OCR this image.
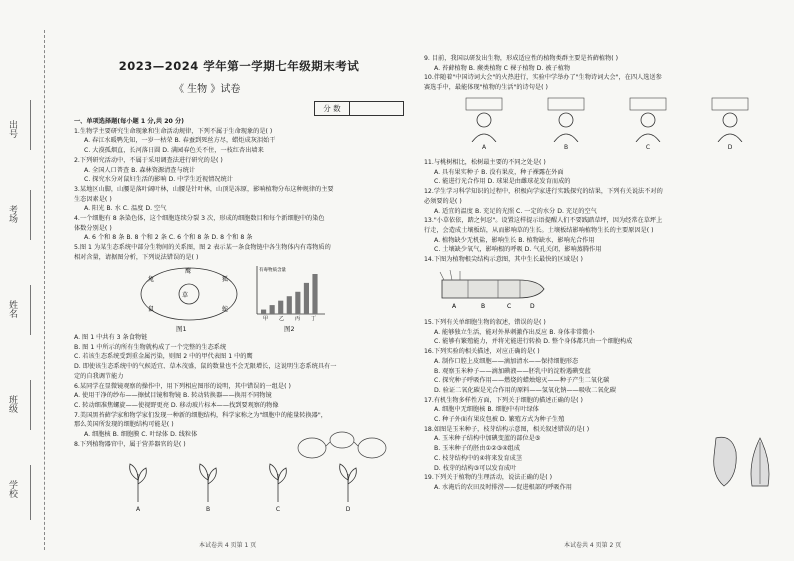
出号
考场
姓名
班级
学校
2023—2024 学年第一学期七年级期末考试
《 生物 》试卷
分 数
一、单项选择题(每小题 1 分,共 20 分)
1.生物学主要研究生命现象和生命活动规律，下列不属于生命现象的是( )
A. 春江水暖鸭先知，一岁一枯荣 B. 春蚕到死丝方尽，蜡炬成灰泪始干
C. 大漠孤烟直，长河落日圆 D. 满园春色关不住，一枝红杏出墙来
2.下列研究活动中，不属于采用调查法进行研究的是( )
A. 全国人口普查 B. 森林资源清查与统计
C. 探究水分对鼠妇生活的影响 D. 中学生近视情况统计
3.某地区山脚，山腰是落叶阔叶林，山腰是针叶林，山顶是冻原，影响植物分布这种规律的主要
生态因素是( )
A. 阳光 B. 水 C. 温度 D. 空气
4.一个细胞有 8 条染色体，这个细胞连续分裂 3 次，形成的细胞数目和每个新细胞中的染色
体数分别是( )
A. 6 个和 8 条 B. 8 个和 2 条 C. 6 个和 8 条 D. 8 个和 8 条
5.图 1 为某生态系统中部分生物间的关系图，图 2 表示某一条食物链中各生物体内有毒物质的
相对含量，请据图分析，下列说法错误的是( )
草
兔
鼠
狐
蛇
鹰
图1
有毒物质含量
甲 乙 丙 丁
图2
A. 图 1 中共有 3 条食物链
B. 图 1 中所示的所有生物就构成了一个完整的生态系统
C. 若该生态系统受到重金属污染，则图 2 中的甲代表图 1 中的鹰
D. 即使该生态系统中的气候适宜、草木茂盛，鼠的数量也不会无限增长，这说明生态系统具有一
定的自我调节能力
6.某同学在显微镜观察的操作中，用下列相应图形的说明，其中错误的一组是( )
A. 使用干净的纱布——擦拭目镜和物镜 B. 转动转换器——换用不同物镜
C. 转动细准焦螺旋——使视野更亮 D. 移动玻片标本——找到要观察的物像
7.美国黑苔藓学家和物学家们发现一种新的细胞结构，科学家称之为"细胞中的能量转换器"，
那么美国所发现的细胞结构可能是( )
A. 细胞核 B. 细胞膜 C. 叶绿体 D. 线粒体
8.下列植物器官中，属于营养器官的是( )
A	B	C	D
本试卷共 4 页第 1 页
9. 目前，我国以研发出生物，形成适应性的植物类群主要是苔藓植物( )
A. 苔藓植物 B. 蕨类植物 C 裸子植物 D. 被子植物
10.伴随着"中国诗词大会"的火热进行，实验中学举办了"生物诗词大会"，在四人选送参
赛选手中，最能体现"植物的生活"的诗句是( )
A	B	C	D
11.与桃树相比，松树最主要的不同之处是( )
A. 具有果实种子 B. 没有果皮，种子裸露在外面
C. 能进行光合作用 D. 球果是由雌球花发育而成的
12.学生学习科学知识的过程中，积极向学家进行实践探究的结果，下列有关说法不对的
必须要的是( )
A. 适宜的温度 B. 充足的光照 C. 一定的水分 D. 充足的空气
13."小草依依，踏之何忍"。设置这样提示语提醒人们不要践踏草坪，因为经常在草坪上
行走，会造成土壤板结，从而影响草的生长。土壤板结影响植物生长的主要原因是( )
A. 植物缺少无机盐，影响生长 B. 植物缺水，影响光合作用
C. 土壤缺少氧气，影响根的呼吸 D. 气孔关闭，影响蒸腾作用
14.下图为植物根尖结构示意图，其中生长最快的区域是( )
A	B	C	D
15.下列有关单细胞生物的叙述，错误的是( )
A. 能够独立生活，能对外界刺激作出反应 B. 身体非常微小
C. 能够有繁殖能力，并将光能进行转换 D. 整个身体都只由一个细胞构成
16.下列实验的相关描述，对应正确的是( )
A. 制作口腔上皮细胞——滴加清水——保持细胞形态
B. 观察玉米种子——滴加碘液——胚乳中的淀粉遇碘变蓝
C. 探究种子呼吸作用——燃烧的蜡烛熄灭——种子产生二氧化碳
D. 验证二氧化碳是光合作用的原料——氢氧化钠——吸收二氧化碳
17.有机生物多样性方面，下列关于细胞的描述正确的是( )
A. 细胞中无细胞核 B. 细胞中有叶绿体
C. 种子外面有果皮包被 D. 繁殖方式为种子生殖
18.如图是玉米种子，枝芽结构示意图，相关叙述错误的是( )
A. 玉米种子结构中加碘变蓝的部位是⑤
B. 玉米种子的胚由①②③④组成
C. 枝芽结构中的④将来发育成茎
D. 枝芽的结构③可以发育成叶
19.下列关于植物的生理活动，说法正确的是( )
A. 水淹后的农田及时排涝——促进根部的呼吸作用
本试卷共 4 页第 2 页
